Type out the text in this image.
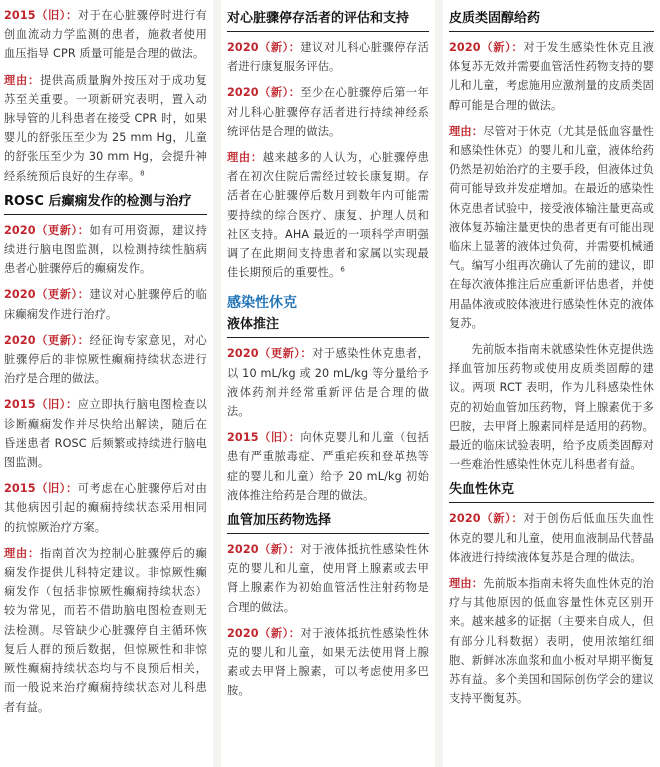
2015（旧）：对于在心脏骤停时进行有创血流动力学监测的患者，施救者使用血压指导 CPR 质量可能是合理的做法。

理由：提供高质量胸外按压对于成功复苏至关重要。一项新研究表明，置入动脉导管的儿科患者在接受 CPR 时，如果婴儿的舒张压至少为 25 mm Hg，儿童的舒张压至少为 30 mm Hg，会提升神经系统预后良好的生存率。$^8$

ROSC 后癫痫发作的检测与治疗

2020（更新）：如有可用资源，建议持续进行脑电图监测，以检测持续性脑病患者心脏骤停后的癫痫发作。

2020（更新）：建议对心脏骤停后的临床癫痫发作进行治疗。

2020（更新）：经征询专家意见，对心脏骤停后的非惊厥性癫痫持续状态进行治疗是合理的做法。

2015（旧）：应立即执行脑电图检查以诊断癫痫发作并尽快给出解读，随后在昏迷患者 ROSC 后频繁或持续进行脑电图监测。

2015（旧）：可考虑在心脏骤停后对由其他病因引起的癫痫持续状态采用相同的抗惊厥治疗方案。

理由：指南首次为控制心脏骤停后的癫痫发作提供儿科特定建议。非惊厥性癫痫发作（包括非惊厥性癫痫持续状态）较为常见，而若不借助脑电图检查则无法检测。尽管缺少心脏骤停自主循环恢复后人群的预后数据，但惊厥性和非惊厥性癫痫持续状态均与不良预后相关，而一般说来治疗癫痫持续状态对儿科患者有益。

对心脏骤停存活者的评估和支持

2020（新）：建议对儿科心脏骤停存活者进行康复服务评估。

2020（新）：至少在心脏骤停后第一年对儿科心脏骤停存活者进行持续神经系统评估是合理的做法。

理由：越来越多的人认为，心脏骤停患者在初次住院后需经过较长康复期。存活者在心脏骤停后数月到数年内可能需要持续的综合医疗、康复、护理人员和社区支持。AHA 最近的一项科学声明强调了在此期间支持患者和家属以实现最佳长期预后的重要性。$^6$

感染性休克
液体推注

2020（更新）：对于感染性休克患者，以 10 mL/kg 或 20 mL/kg 等分量给予液体药剂并经常重新评估是合理的做法。

2015（旧）：向休克婴儿和儿童（包括患有严重脓毒症、严重疟疾和登革热等症的婴儿和儿童）给予 20 mL/kg 初始液体推注给药是合理的做法。

血管加压药物选择

2020（新）：对于液体抵抗性感染性休克的婴儿和儿童，使用肾上腺素或去甲肾上腺素作为初始血管活性注射药物是合理的做法。

2020（新）：对于液体抵抗性感染性休克的婴儿和儿童，如果无法使用肾上腺素或去甲肾上腺素，可以考虑使用多巴胺。

皮质类固醇给药

2020（新）：对于发生感染性休克且液体复苏无效并需要血管活性药物支持的婴儿和儿童，考虑施用应激剂量的皮质类固醇可能是合理的做法。

理由：尽管对于休克（尤其是低血容量性和感染性休克）的婴儿和儿童，液体给药仍然是初始治疗的主要手段，但液体过负荷可能导致并发症增加。在最近的感染性休克患者试验中，接受液体输注量更高或液体复苏输注量更快的患者更有可能出现临床上显著的液体过负荷，并需要机械通气。编写小组再次确认了先前的建议，即在每次液体推注后应重新评估患者，并使用晶体液或胶体液进行感染性休克的液体复苏。

先前版本指南未就感染性休克提供选择血管加压药物或使用皮质类固醇的建议。两项 RCT 表明，作为儿科感染性休克的初始血管加压药物，肾上腺素优于多巴胺，去甲肾上腺素同样是适用的药物。最近的临床试验表明，给予皮质类固醇对一些难治性感染性休克儿科患者有益。

失血性休克

2020（新）：对于创伤后低血压失血性休克的婴儿和儿童，使用血液制品代替晶体液进行持续液体复苏是合理的做法。

理由：先前版本指南未将失血性休克的治疗与其他原因的低血容量性休克区别开来。越来越多的证据（主要来自成人，但有部分儿科数据）表明，使用浓缩红细胞、新鲜冰冻血浆和血小板对早期平衡复苏有益。多个美国和国际创伤学会的建议支持平衡复苏。
